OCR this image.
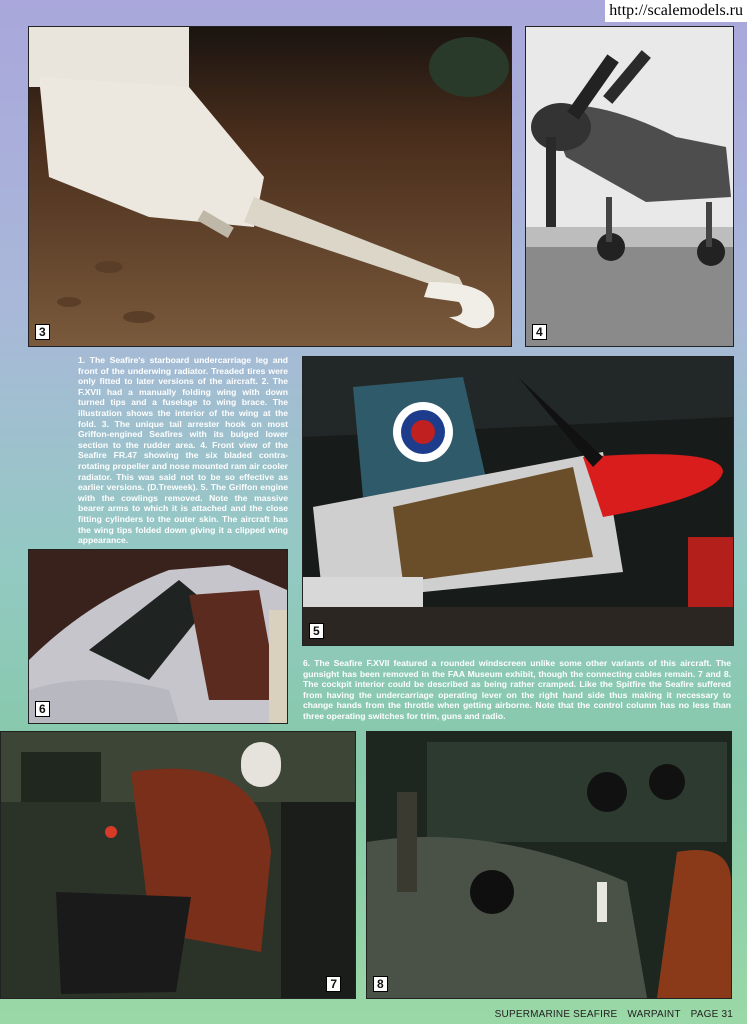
http://scalemodels.ru
3	4

1. The Seafire's starboard undercarriage leg and front of the underwing radiator. Treaded tires were only fitted to later versions of the aircraft. 2. The F.XVII had a manually folding wing with down turned tips and a fuselage to wing brace. The illustration shows the interior of the wing at the fold. 3. The unique tail arrester hook on most Griffon-engined Seafires with its bulged lower section to the rudder area. 4. Front view of the Seafire FR.47 showing the six bladed contra-rotating propeller and nose mounted ram air cooler radiator. This was said not to be so effective as earlier versions. (D.Treweek). 5. The Griffon engine with the cowlings removed. Note the massive bearer arms to which it is attached and the close fitting cylinders to the outer skin. The aircraft has the wing tips folded down giving it a clipped wing appearance.

5
6

6. The Seafire F.XVII featured a rounded windscreen unlike some other variants of this aircraft. The gunsight has been removed in the FAA Museum exhibit, though the connecting cables remain. 7 and 8. The cockpit interior could be described as being rather cramped. Like the Spitfire the Seafire suffered from having the undercarriage operating lever on the right hand side thus making it necessary to change hands from the throttle when getting airborne. Note that the control column has no less than three operating switches for trim, guns and radio.

7	8
SUPERMARINE SEAFIRE WARPAINT PAGE 31
